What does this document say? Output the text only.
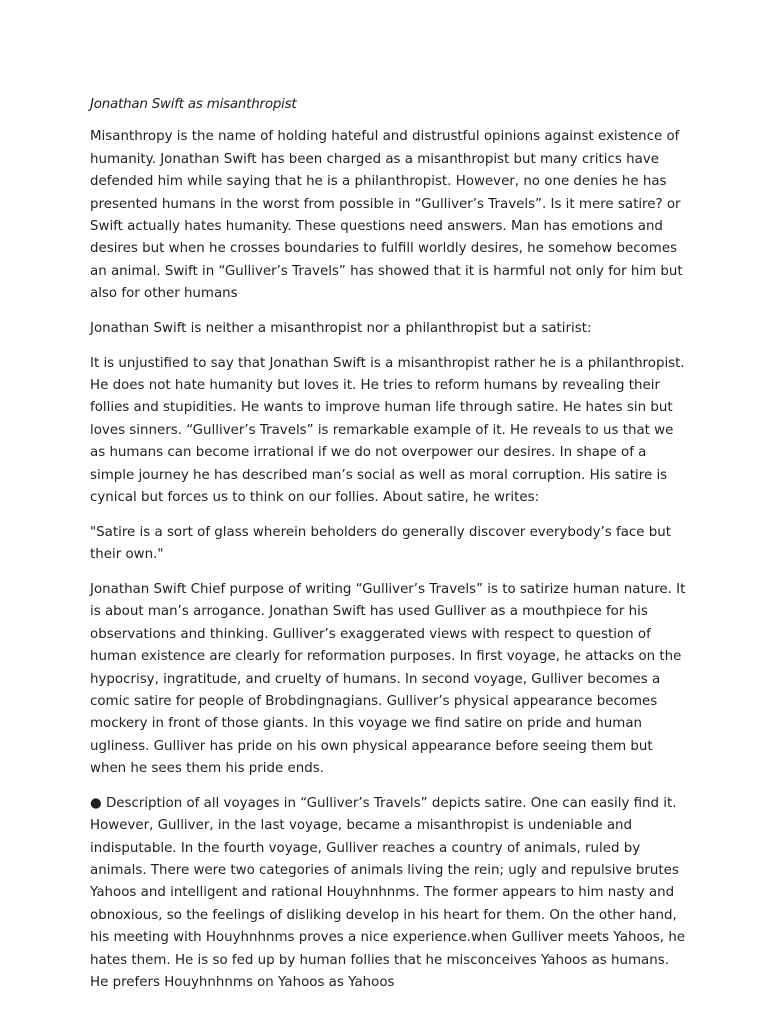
Jonathan Swift as misanthropist

Misanthropy is the name of holding hateful and distrustful opinions against existence of humanity. Jonathan Swift has been charged as a misanthropist but many critics have defended him while saying that he is a philanthropist. However, no one denies he has presented humans in the worst from possible in “Gulliver’s Travels”. Is it mere satire? or Swift actually hates humanity. These questions need answers. Man has emotions and desires but when he crosses boundaries to fulfill worldly desires, he somehow becomes an animal. Swift in “Gulliver’s Travels” has showed that it is harmful not only for him but also for other humans

Jonathan Swift is neither a misanthropist nor a philanthropist but a satirist:

It is unjustified to say that Jonathan Swift is a misanthropist rather he is a philanthropist. He does not hate humanity but loves it. He tries to reform humans by revealing their follies and stupidities. He wants to improve human life through satire. He hates sin but loves sinners. “Gulliver’s Travels” is remarkable example of it. He reveals to us that we as humans can become irrational if we do not overpower our desires. In shape of a simple journey he has described man’s social as well as moral corruption. His satire is cynical but forces us to think on our follies. About satire, he writes:

"Satire is a sort of glass wherein beholders do generally discover everybody’s face but their own."

Jonathan Swift Chief purpose of writing “Gulliver’s Travels” is to satirize human nature. It is about man’s arrogance. Jonathan Swift has used Gulliver as a mouthpiece for his observations and thinking. Gulliver’s exaggerated views with respect to question of human existence are clearly for reformation purposes. In first voyage, he attacks on the hypocrisy, ingratitude, and cruelty of humans. In second voyage, Gulliver becomes a comic satire for people of Brobdingnagians. Gulliver’s physical appearance becomes mockery in front of those giants. In this voyage we find satire on pride and human ugliness. Gulliver has pride on his own physical appearance before seeing them but when he sees them his pride ends.

● Description of all voyages in “Gulliver’s Travels” depicts satire. One can easily find it. However, Gulliver, in the last voyage, became a misanthropist is undeniable and indisputable. In the fourth voyage, Gulliver reaches a country of animals, ruled by animals. There were two categories of animals living the rein; ugly and repulsive brutes Yahoos and intelligent and rational Houyhnhnms. The former appears to him nasty and obnoxious, so the feelings of disliking develop in his heart for them. On the other hand, his meeting with Houyhnhnms proves a nice experience.when Gulliver meets Yahoos, he hates them. He is so fed up by human follies that he misconceives Yahoos as humans. He prefers Houyhnhnms on Yahoos as Yahoos
